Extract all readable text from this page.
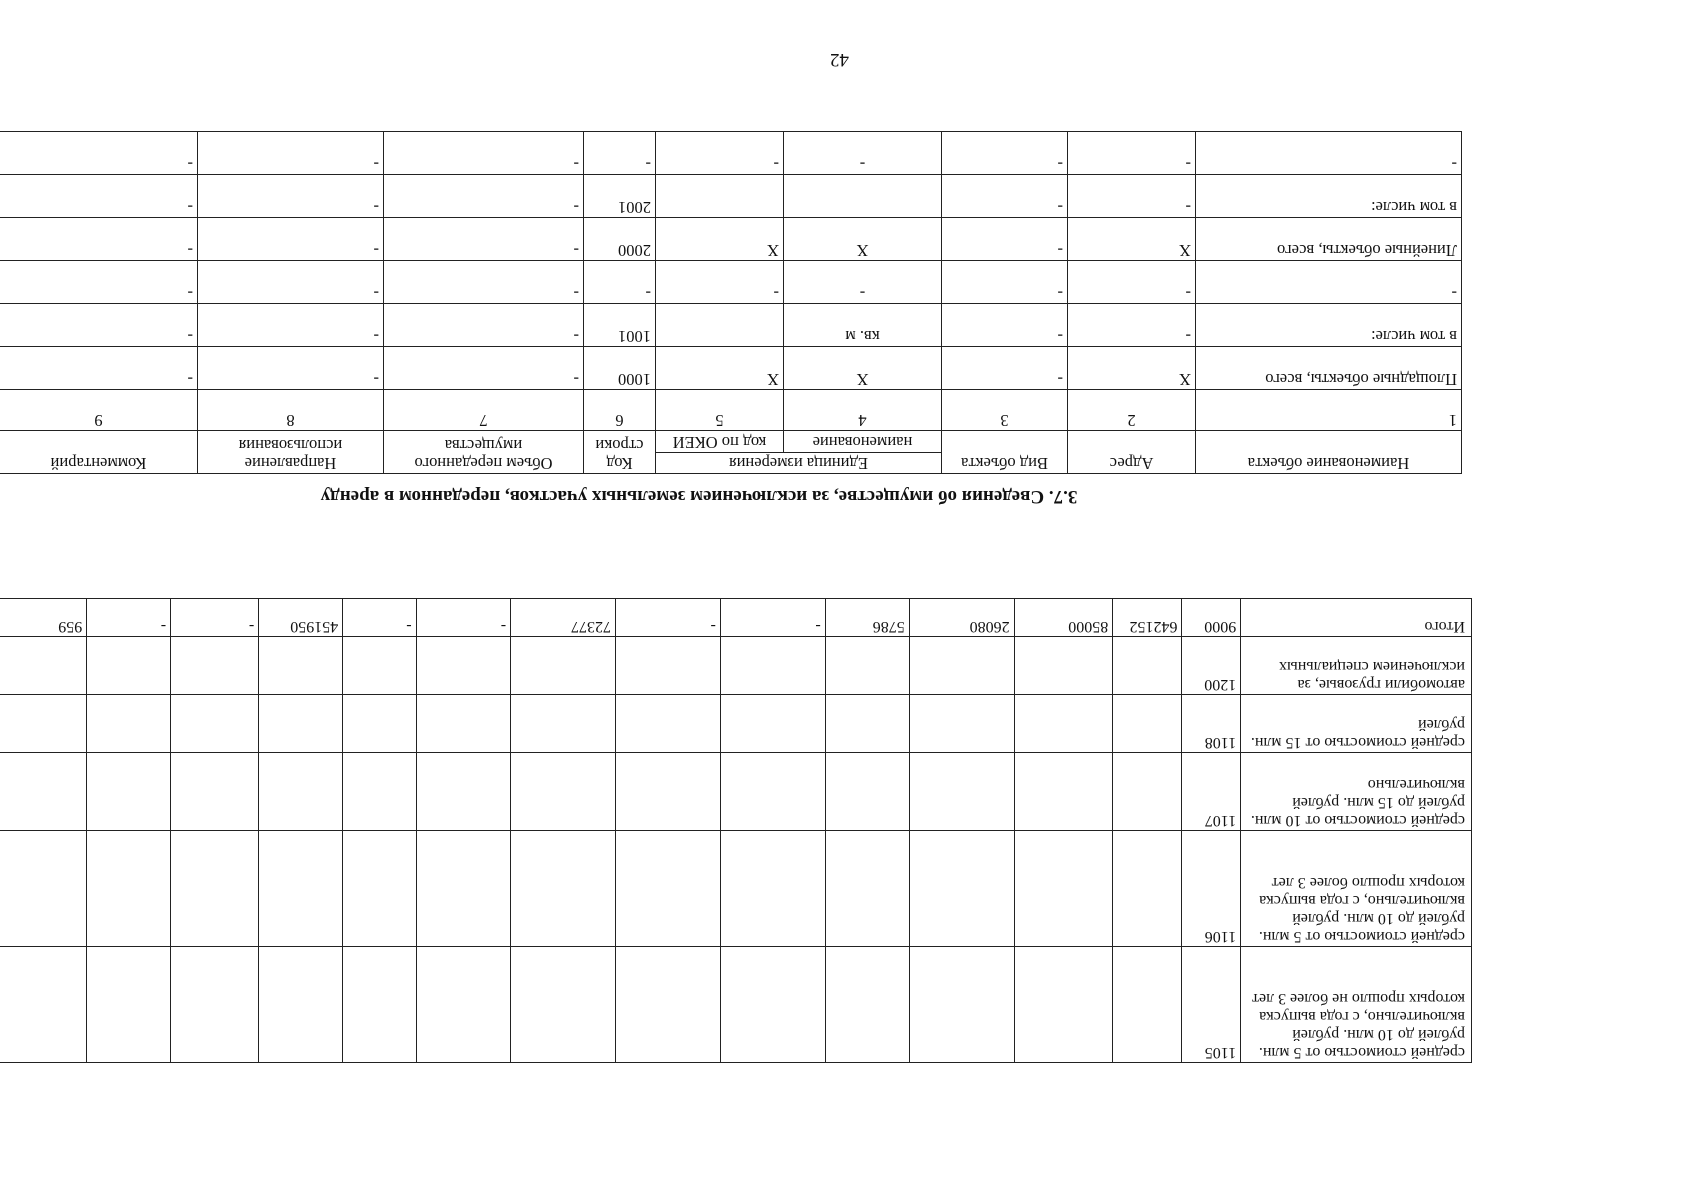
средней стоимостью от 5 млн. рублей до 10 млн. рублей включительно, с года выпуска которых прошло не более 3 лет	1105													
средней стоимостью от 5 млн. рублей до 10 млн. рублей включительно, с года выпуска которых прошло более 3 лет	1106													
средней стоимостью от 10 млн. рублей до 15 млн. рублей включительно	1107													
средней стоимостью от 15 млн. рублей	1108													
автомобили грузовые, за исключением специальных	1200													
Итого	9000	642152	85000	26080	5786	-	-	72377	-	-	451950	-	-	959
3.7. Сведения об имуществе, за исключением земельных участков, переданном в аренду
Наименование объекта	Адрес	Вид объекта	Единица измерения		Код строки	Объем переданного имущества	Направление использования	Комментарий
			наименование	код по ОКЕИ				
1	2	3	4	5	6	7	8	9
Площадные объекты, всего	X	-	X	X	1000	-	-	-
в том числе:	-	-	кв. м		1001	-	-	-
-	-	-	-	-	-	-	-	-
Линейные объекты, всего	X	-	X	X	2000	-	-	-
в том числе:	-	-			2001	-	-	-
-	-	-	-	-	-	-	-	-
42
